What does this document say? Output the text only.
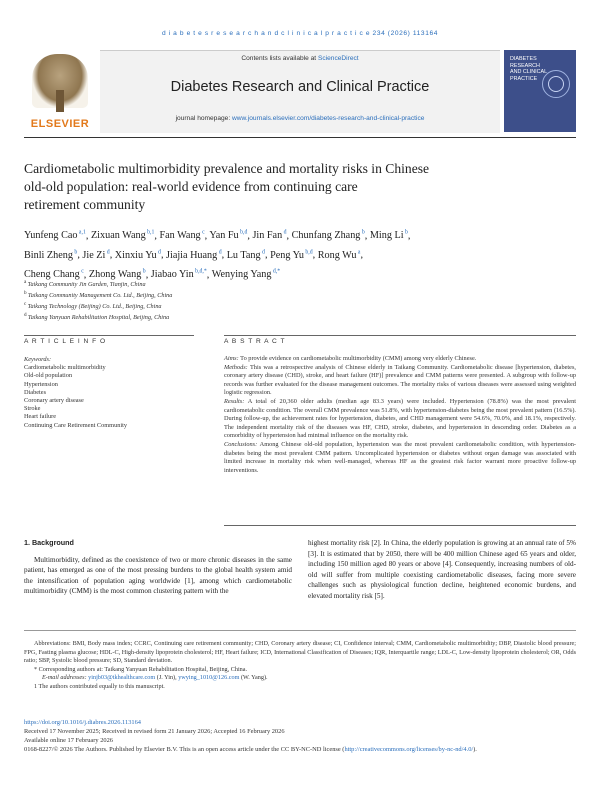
d i a b e t e s r e s e a r c h a n d c l i n i c a l p r a c t i c e 234 (2026) 113164
ELSEVIER
Contents lists available at ScienceDirect
Diabetes Research and Clinical Practice
journal homepage: www.journals.elsevier.com/diabetes-research-and-clinical-practice
DIABETES RESEARCH AND CLINICAL PRACTICE
Cardiometabolic multimorbidity prevalence and mortality risks in Chinese
old-old population: real-world evidence from continuing care
retirement community
Yunfeng Cao $^{a,1}$, Zixuan Wang $^{b,1}$, Fan Wang $^c$, Yan Fu $^{b,d}$, Jin Fan $^d$, Chunfang Zhang $^b$, Ming Li $^b$,
Binli Zheng $^b$, Jie Zi $^d$, Xinxiu Yu $^d$, Jiajia Huang $^d$, Lu Tang $^d$, Peng Yu $^{b,d}$, Rong Wu $^a$,
Cheng Chang $^c$, Zhong Wang $^b$, Jiabao Yin $^{b,d,*}$, Wenying Yang $^{d,*}$
$^a$ Taikang Community Jin Garden, Tianjin, China
$^b$ Taikang Community Management Co. Ltd., Beijing, China
$^c$ Taikang Technology (Beijing) Co. Ltd., Beijing, China
$^d$ Taikang Yanyuan Rehabilitation Hospital, Beijing, China
A R T I C L E I N F O	A B S T R A C T
Keywords:
Cardiometabolic multimorbidity
Old-old population
Hypertension
Diabetes
Coronary artery disease
Stroke
Heart failure
Continuing Care Retirement Community

Aims: To provide evidence on cardiometabolic multimorbidity (CMM) among very elderly Chinese.

Methods: This was a retrospective analysis of Chinese elderly in Taikang Community. Cardiometabolic disease [hypertension, diabetes, coronary artery disease (CHD), stroke, and heart failure (HF)] prevalence and CMM patterns were presented. A subgroup with follow-up records was further evaluated for the disease management outcomes. The mortality risks of various diseases were assessed using weighted logistic regression.

Results: A total of 20,360 older adults (median age 83.3 years) were included. Hypertension (78.8%) was the most prevalent cardiometabolic condition. The overall CMM prevalence was 51.8%, with hypertension-diabetes being the most prevalent pattern (16.5%). During follow-up, the achievement rates for hypertension, diabetes, and CHD management were 54.6%, 70.0%, and 18.1%, respectively. The independent mortality risk of the diseases was HF, CHD, stroke, diabetes, and hypertension in descending order. Diabetes as a comorbidity of hypertension had minimal influence on the mortality risk.

Conclusions: Among Chinese old-old population, hypertension was the most prevalent cardiometabolic condition, with hypertension-diabetes being the most prevalent CMM pattern. Uncomplicated hypertension or diabetes without organ damage was associated with limited increase in mortality risk when well-managed, whereas HF as the greatest risk factor warrant more proactive follow-up interventions.

1. Background

Multimorbidity, defined as the coexistence of two or more chronic diseases in the same patient, has emerged as one of the most pressing burdens to the global health system amid the intensification of population aging worldwide [1], among which cardiometabolic multimorbidity (CMM) is the most common clustering pattern with the

highest mortality risk [2]. In China, the elderly population is growing at an annual rate of 5% [3]. It is estimated that by 2050, there will be 400 million Chinese aged 65 years and older, including 150 million aged 80 years or above [4]. Consequently, increasing numbers of old-old will suffer from multiple coexisting cardiometabolic diseases, facing more severe challenges such as physiological function decline, heightened economic burdens, and elevated mortality risk [5].

Abbreviations: BMI, Body mass index; CCRC, Continuing care retirement community; CHD, Coronary artery disease; CI, Confidence interval; CMM, Cardiometabolic multimorbidity; DBP, Diastolic blood pressure; FPG, Fasting plasma glucose; HDL-C, High-density lipoprotein cholesterol; HF, Heart failure; ICD, International Classification of Diseases; IQR, Interquartile range; LDL-C, Low-density lipoprotein cholesterol; OR, Odds ratio; SBP, Systolic blood pressure; SD, Standard deviation.

* Corresponding authors at: Taikang Yanyuan Rehabilitation Hospital, Beijing, China.

E-mail addresses: yinjb03@tkhealthcare.com (J. Yin), ywying_1010@126.com (W. Yang).

1 The authors contributed equally to this manuscript.

https://doi.org/10.1016/j.diabres.2026.113164

Received 17 November 2025; Received in revised form 21 January 2026; Accepted 16 February 2026

Available online 17 February 2026

0168-8227/© 2026 The Authors. Published by Elsevier B.V. This is an open access article under the CC BY-NC-ND license (http://creativecommons.org/licenses/by-nc-nd/4.0/).
